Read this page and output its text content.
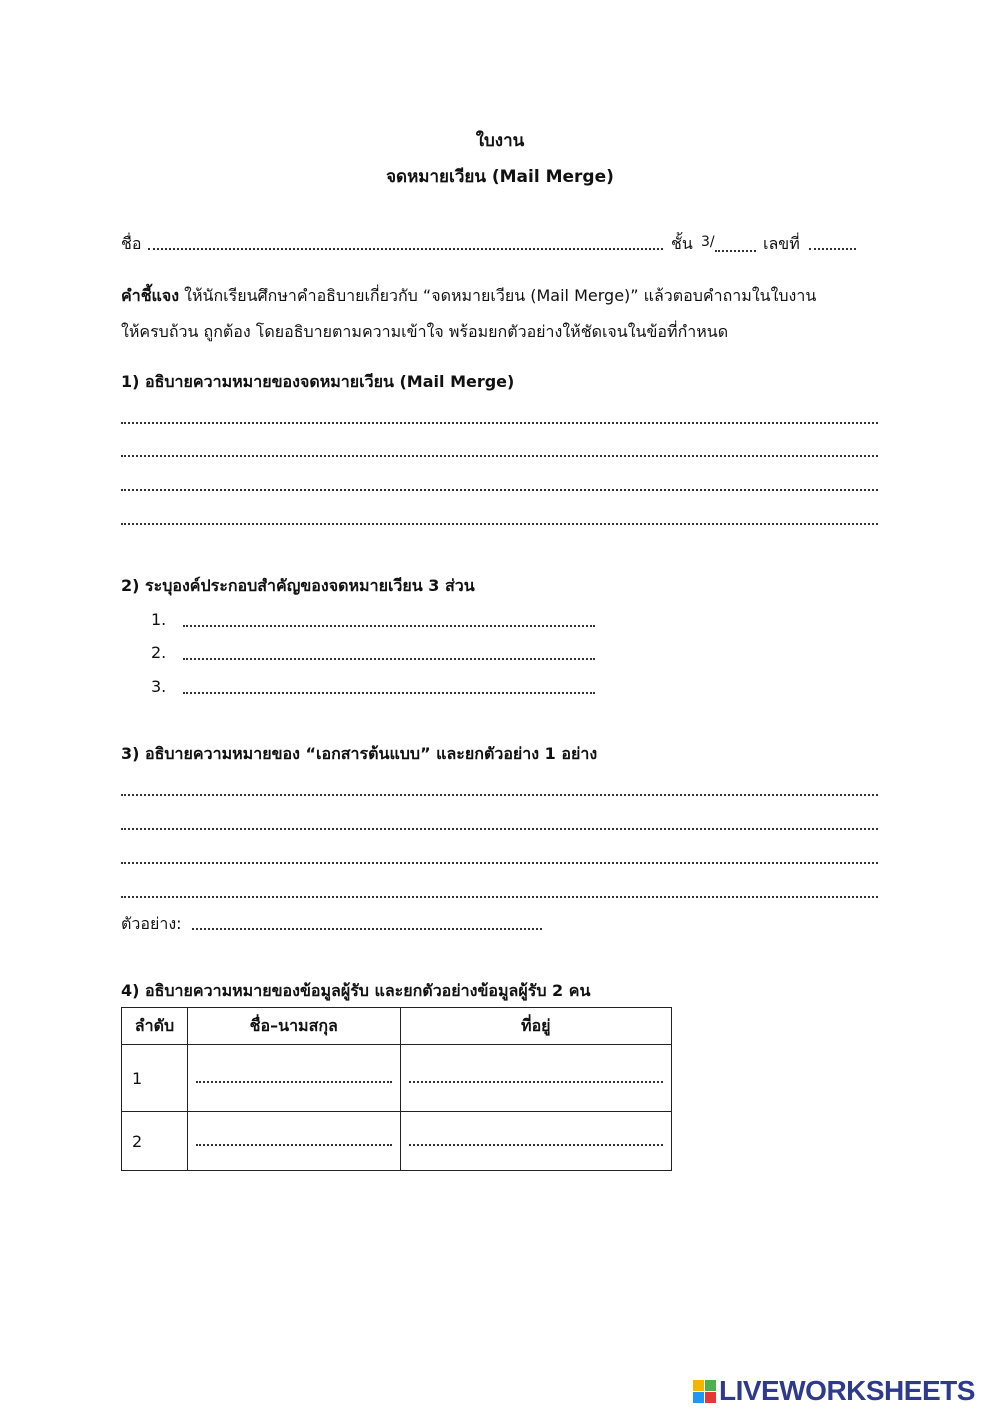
ใบงาน
จดหมายเวียน (Mail Merge)
ชื่อ	ชั้น 3/	เลขที่
คำชี้แจง ให้นักเรียนศึกษาคำอธิบายเกี่ยวกับ “จดหมายเวียน (Mail Merge)” แล้วตอบคำถามในใบงาน
ให้ครบถ้วน ถูกต้อง โดยอธิบายตามความเข้าใจ พร้อมยกตัวอย่างให้ชัดเจนในข้อที่กำหนด
1) อธิบายความหมายของจดหมายเวียน (Mail Merge)
2) ระบุองค์ประกอบสำคัญของจดหมายเวียน 3 ส่วน
1.
2.
3.
3) อธิบายความหมายของ “เอกสารต้นแบบ” และยกตัวอย่าง 1 อย่าง
ตัวอย่าง:
4) อธิบายความหมายของข้อมูลผู้รับ และยกตัวอย่างข้อมูลผู้รับ 2 คน
ลำดับ	ชื่อ–นามสกุล	ที่อยู่
1	

2	

LIVEWORKSHEETS
